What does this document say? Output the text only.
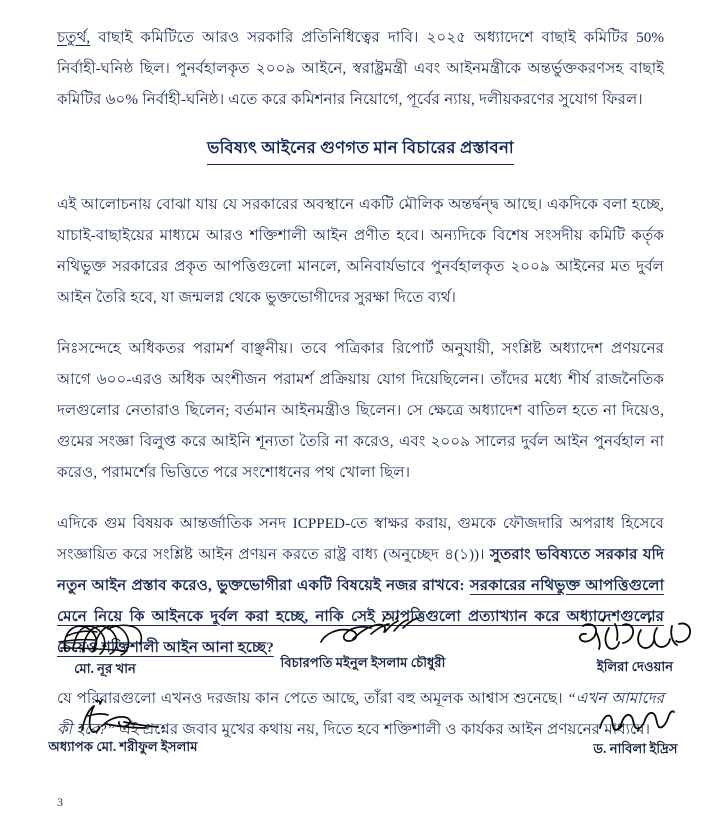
চতুর্থ, বাছাই কমিটিতে আরও সরকারি প্রতিনিধিত্বের দাবি। ২০২৫ অধ্যাদেশে বাছাই কমিটির 50% নির্বাহী-ঘনিষ্ঠ ছিল। পুনর্বহালকৃত ২০০৯ আইনে, স্বরাষ্ট্রমন্ত্রী এবং আইনমন্ত্রীকে অন্তর্ভুক্তকরণসহ বাছাই কমিটির ৬০% নির্বাহী-ঘনিষ্ঠ। এতে করে কমিশনার নিয়োগে, পূর্বের ন্যায়, দলীয়করণের সুযোগ ফিরল।

ভবিষ্যৎ আইনের গুণগত মান বিচারের প্রস্তাবনা

এই আলোচনায় বোঝা যায় যে সরকারের অবস্থানে একটি মৌলিক অন্তর্দ্বন্দ্ব আছে। একদিকে বলা হচ্ছে, যাচাই-বাছাইয়ের মাধ্যমে আরও শক্তিশালী আইন প্রণীত হবে। অন্যদিকে বিশেষ সংসদীয় কমিটি কর্তৃক নথিভুক্ত সরকারের প্রকৃত আপত্তিগুলো মানলে, অনিবার্যভাবে পুনর্বহালকৃত ২০০৯ আইনের মত দুর্বল আইন তৈরি হবে, যা জন্মলগ্ন থেকে ভুক্তভোগীদের সুরক্ষা দিতে ব্যর্থ।

নিঃসন্দেহে অধিকতর পরামর্শ বাঞ্ছনীয়। তবে পত্রিকার রিপোর্ট অনুযায়ী, সংশ্লিষ্ট অধ্যাদেশ প্রণয়নের আগে ৬০০-এরও অধিক অংশীজন পরামর্শ প্রক্রিয়ায় যোগ দিয়েছিলেন। তাঁদের মধ্যে শীর্ষ রাজনৈতিক দলগুলোর নেতারাও ছিলেন; বর্তমান আইনমন্ত্রীও ছিলেন। সে ক্ষেত্রে অধ্যাদেশ বাতিল হতে না দিয়েও, গুমের সংজ্ঞা বিলুপ্ত করে আইনি শূন্যতা তৈরি না করেও, এবং ২০০৯ সালের দুর্বল আইন পুনর্বহাল না করেও, পরামর্শের ভিত্তিতে পরে সংশোধনের পথ খোলা ছিল।

এদিকে গুম বিষয়ক আন্তর্জাতিক সনদ ICPPED-তে স্বাক্ষর করায়, গুমকে ফৌজদারি অপরাধ হিসেবে সংজ্ঞায়িত করে সংশ্লিষ্ট আইন প্রণয়ন করতে রাষ্ট্র বাধ্য (অনুচ্ছেদ ৪(১))। সুতরাং ভবিষ্যতে সরকার যদি নতুন আইন প্রস্তাব করেও, ভুক্তভোগীরা একটি বিষয়েই নজর রাখবে: সরকারের নথিভুক্ত আপত্তিগুলো মেনে নিয়ে কি আইনকে দুর্বল করা হচ্ছে, নাকি সেই আপত্তিগুলো প্রত্যাখ্যান করে অধ্যাদেশগুলোর চেয়েও শক্তিশালী আইন আনা হচ্ছে?

যে পরিবারগুলো এখনও দরজায় কান পেতে আছে, তাঁরা বহু অমূলক আশ্বাস শুনেছে। “এখন আমাদের কী হবে?” এই প্রশ্নের জবাব মুখের কথায় নয়, দিতে হবে শক্তিশালী ও কার্যকর আইন প্রণয়নের মাধ্যমে।

মো. নূর খান	বিচারপতি মইনুল ইসলাম চৌধুরী	ইলিরা দেওয়ান
অধ্যাপক মো. শরীফুল ইসলাম	ড. নাবিলা ইদ্রিস
3
